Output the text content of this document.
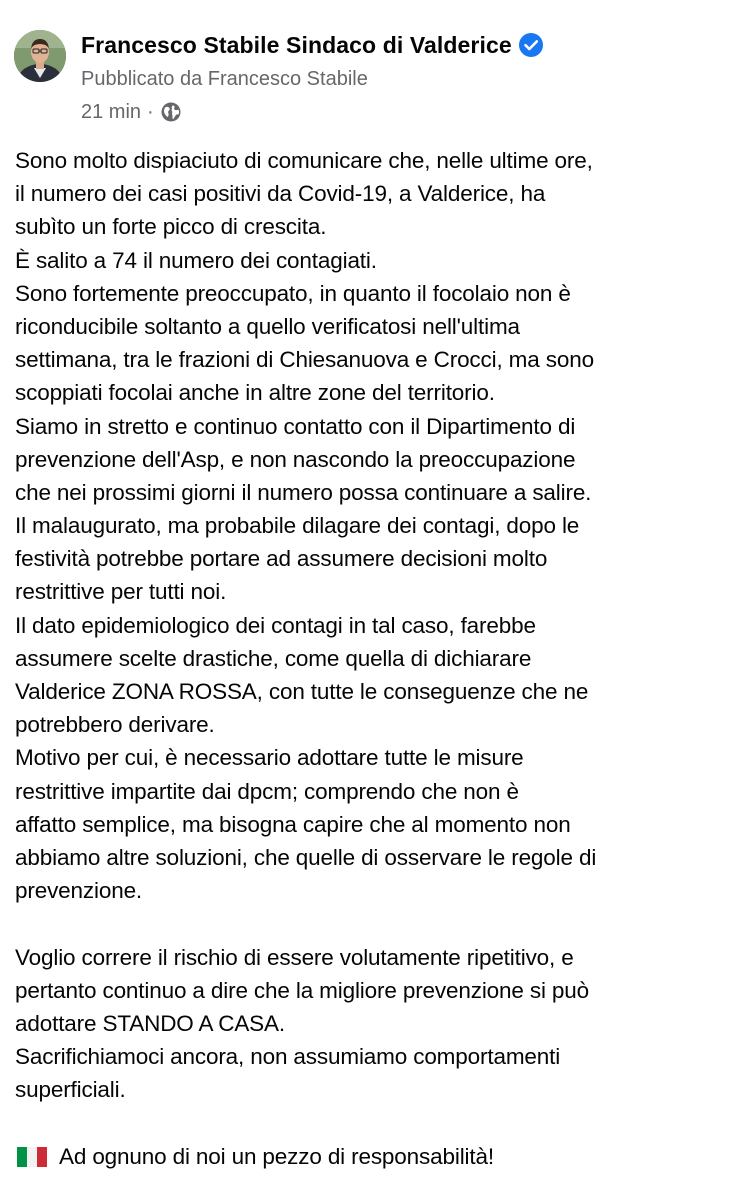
Francesco Stabile Sindaco di Valderice
Pubblicato da Francesco Stabile
21 min ·
Sono molto dispiaciuto di comunicare che, nelle ultime ore,
il numero dei casi positivi da Covid-19, a Valderice, ha
subìto un forte picco di crescita.
È salito a 74 il numero dei contagiati.
Sono fortemente preoccupato, in quanto il focolaio non è
riconducibile soltanto a quello verificatosi nell'ultima
settimana, tra le frazioni di Chiesanuova e Crocci, ma sono
scoppiati focolai anche in altre zone del territorio.
Siamo in stretto e continuo contatto con il Dipartimento di
prevenzione dell'Asp, e non nascondo la preoccupazione
che nei prossimi giorni il numero possa continuare a salire.
Il malaugurato, ma probabile dilagare dei contagi, dopo le
festività potrebbe portare ad assumere decisioni molto
restrittive per tutti noi.
Il dato epidemiologico dei contagi in tal caso, farebbe
assumere scelte drastiche, come quella di dichiarare
Valderice ZONA ROSSA, con tutte le conseguenze che ne
potrebbero derivare.
Motivo per cui, è necessario adottare tutte le misure
restrittive impartite dai dpcm; comprendo che non è
affatto semplice, ma bisogna capire che al momento non
abbiamo altre soluzioni, che quelle di osservare le regole di
prevenzione.
Voglio correre il rischio di essere volutamente ripetitivo, e
pertanto continuo a dire che la migliore prevenzione si può
adottare STANDO A CASA.
Sacrifichiamoci ancora, non assumiamo comportamenti
superficiali.
Ad ognuno di noi un pezzo di responsabilità!
